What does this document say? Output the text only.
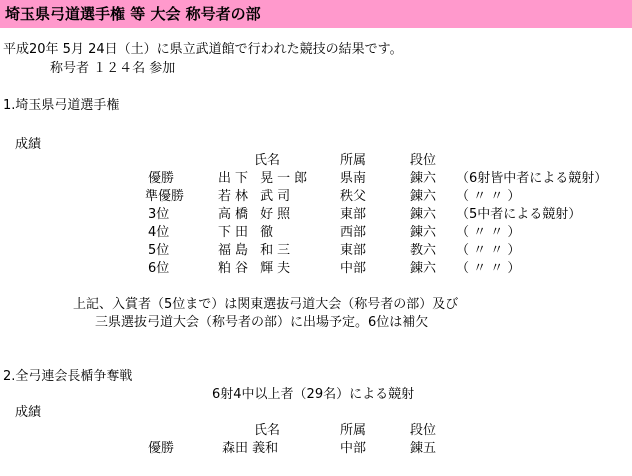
埼玉県弓道選手権 等 大会 称号者の部
平成20年 5月 24日（土）に県立武道館で行われた競技の結果です。
称号者 １２４名 参加
1.埼玉県弓道選手権
成績
氏名	所属	段位
優勝	出下 晃一郎 県南	錬六 （6射皆中者による競射）
準優勝	若林 武司	秩父	錬六 （ 〃 〃 ）
3位	高橋 好照	東部	錬六 （5中者による競射）
4位	下田 徹	西部	錬六 （ 〃 〃 ）
5位	福島 和三	東部	教六 （ 〃 〃 ）
6位	粕谷 輝夫	中部	錬六 （ 〃 〃 ）
上記、入賞者（5位まで）は関東選抜弓道大会（称号者の部）及び
三県選抜弓道大会（称号者の部）に出場予定。6位は補欠
2.全弓連会長楯争奪戦
6射4中以上者（29名）による競射
成績
氏名	所属	段位
優勝	森田 義和	中部	錬五
